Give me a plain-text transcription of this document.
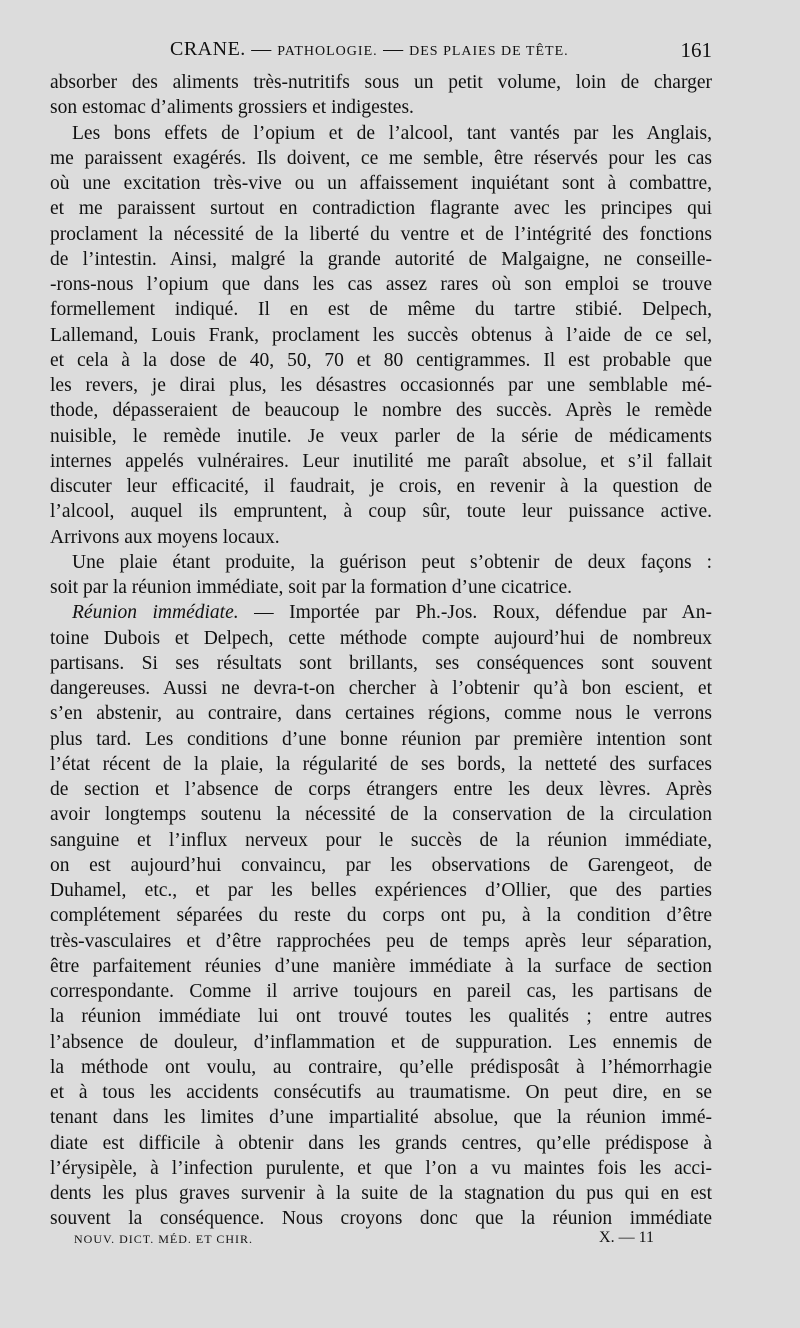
CRANE. — PATHOLOGIE. — DES PLAIES DE TÊTE.	161
absorber des aliments très-nutritifs sous un petit volume, loin de charger
son estomac d’aliments grossiers et indigestes.
Les bons effets de l’opium et de l’alcool, tant vantés par les Anglais,
me paraissent exagérés. Ils doivent, ce me semble, être réservés pour les cas
où une excitation très-vive ou un affaissement inquiétant sont à combattre,
et me paraissent surtout en contradiction flagrante avec les principes qui
proclament la nécessité de la liberté du ventre et de l’intégrité des fonctions
de l’intestin. Ainsi, malgré la grande autorité de Malgaigne, ne conseille-
-rons-nous l’opium que dans les cas assez rares où son emploi se trouve
formellement indiqué. Il en est de même du tartre stibié. Delpech,
Lallemand, Louis Frank, proclament les succès obtenus à l’aide de ce sel,
et cela à la dose de 40, 50, 70 et 80 centigrammes. Il est probable que
les revers, je dirai plus, les désastres occasionnés par une semblable mé-
thode, dépasseraient de beaucoup le nombre des succès. Après le remède
nuisible, le remède inutile. Je veux parler de la série de médicaments
internes appelés vulnéraires. Leur inutilité me paraît absolue, et s’il fallait
discuter leur efficacité, il faudrait, je crois, en revenir à la question de
l’alcool, auquel ils empruntent, à coup sûr, toute leur puissance active.
Arrivons aux moyens locaux.
Une plaie étant produite, la guérison peut s’obtenir de deux façons :
soit par la réunion immédiate, soit par la formation d’une cicatrice.
Réunion immédiate. — Importée par Ph.-Jos. Roux, défendue par An-
toine Dubois et Delpech, cette méthode compte aujourd’hui de nombreux
partisans. Si ses résultats sont brillants, ses conséquences sont souvent
dangereuses. Aussi ne devra-t-on chercher à l’obtenir qu’à bon escient, et
s’en abstenir, au contraire, dans certaines régions, comme nous le verrons
plus tard. Les conditions d’une bonne réunion par première intention sont
l’état récent de la plaie, la régularité de ses bords, la netteté des surfaces
de section et l’absence de corps étrangers entre les deux lèvres. Après
avoir longtemps soutenu la nécessité de la conservation de la circulation
sanguine et l’influx nerveux pour le succès de la réunion immédiate,
on est aujourd’hui convaincu, par les observations de Garengeot, de
Duhamel, etc., et par les belles expériences d’Ollier, que des parties
complétement séparées du reste du corps ont pu, à la condition d’être
très-vasculaires et d’être rapprochées peu de temps après leur séparation,
être parfaitement réunies d’une manière immédiate à la surface de section
correspondante. Comme il arrive toujours en pareil cas, les partisans de
la réunion immédiate lui ont trouvé toutes les qualités ; entre autres
l’absence de douleur, d’inflammation et de suppuration. Les ennemis de
la méthode ont voulu, au contraire, qu’elle prédisposât à l’hémorrhagie
et à tous les accidents consécutifs au traumatisme. On peut dire, en se
tenant dans les limites d’une impartialité absolue, que la réunion immé-
diate est difficile à obtenir dans les grands centres, qu’elle prédispose à
l’érysipèle, à l’infection purulente, et que l’on a vu maintes fois les acci-
dents les plus graves survenir à la suite de la stagnation du pus qui en est
souvent la conséquence. Nous croyons donc que la réunion immédiate
NOUV. DICT. MÉD. ET CHIR.	X. — 11
